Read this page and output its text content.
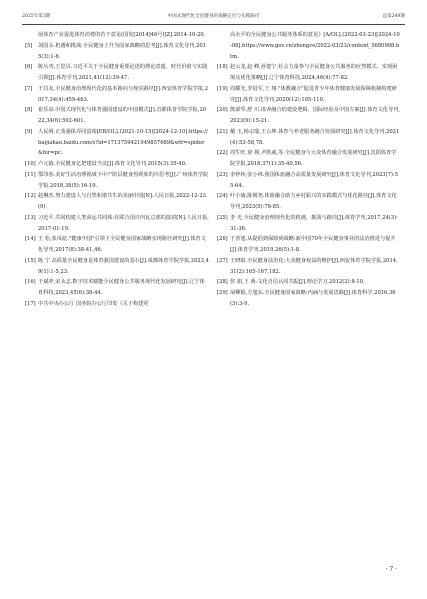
2025年第3期	中国式现代化全民健身的战略定位与实践路径	总第249期
展体育产业促进体育消费的若干意见(国发[2014]46号)[Z].2014-10-20.
[5]	刘国永.机遇和挑战:全民健身上升为国家战略的思考[J].体育文化导刊,2015(3):1-6.
[6]	陈丛刊,王思贝.习近平关于全民健身重要论述的理论意蕴、时代价值与实践引领[J].体育学刊,2021,41(12):39-47.
[7]	王昌友.全民健身治理现代化的基本路向与现实路径[J].西安体育学院学报,2017,34(4):459-463.
[8]	崔乐泉.中国式现代化与体育强国建设的中国模式[J].首都体育学院学报,2022,34(6):592-601.
[9]	人民网.正茂强体弄同富裕[EB/OL].(2021-10-15)[2024-12-10].https://baijiahao.baidu.com/s?id=1713759421949857689&wfr=spider&for=pc.
[10] 卢元镇.全民健身亿把建设当议[J].体育文化导刊,2015(3):35-40.
[11] 鄂印春.美好生活治理视域下中产阶层健身热现象的冷思考[J].广州体育学院学报,2018,38(5):16-19.
[12] 赵琳杰.努力建设人与自然和谐共生的美丽中国[N].人民日报,2022-12-23(9).
[13] 习近平.共同构建人类命运共同体:在联合国日内瓦总部的演讲[N].人民日报,2017-01-19.
[14] 王 松,张凤彪."健康中国"引领下全民健身国家战略实现路径研究[J].体育文化导刊,2017(8):38-41,46.
[15] 陈 宁.高质量全民健身是体育强国建设的基石[J].成都体育学院学报,2023,49(1):1-5,23.
[16] 于斌冲,宋永志.数字技术赋能全民健身公共服务现代化发展研究[J].辽宁体育科技,2023,45(6):38-44.
[17] 中共中央办公厅 国务院办公厅印发《关于构建更
高水平的全民健身公共服务体系的意见》[A/OL].(2022-03-23)[2024-10-08].https://www.gov.cn/zhengce/2022-03/23/content_5680908.htm.
[18] 赵云龙,赵 峰,孙楚宁.社会力量参与全民健身公共服务的应然模式、实现困境及优化策略[J].辽宁体育科技,2024,46(4):77-82.
[19] 周耀光,李进军,王 翔."体教融合"促进青少年体育健康发展保障机制构建研究[J].体育文化导刊,2020(12):105-110.
[20] 熊梁琴,舒 川.体养融合的建设逻辑、国际经验及中国方案[J].体育文化导刊,2023(9):15-21.
[21] 戴 玉,杨宗瑞,王占坤.体育与养老服务融合发展研究[J].体育文化导刊,2021(4):53-58,78.
[22] 周生旺,徐 撑,尹胜威,等.全民健身与大众体育融合发展研究[J].沈阳体育学院学报,2018,37(1):35-40,56.
[23] 李梓林,张小林.我国体旅融合高质量发展研究[J].体育文化导刊,2023(7):55-64.
[24] 叶小瑜,陈锡尧.体旅融合助力乡村振兴的实践模式与优化路径[J].体育文化导刊,2023(5):78-85.
[25] 李 光.全民健身治理现代化的机遇、挑战与路径[J].体育学刊,2017,24(3):31-36.
[26] 于善旭.从提倡到保障到战略:新中国70年全民健身事业的法治推进与提升[J].体育学刊,2019,26(5):1-8.
[27] 王晓琨.全民健身法治化:大众健身权益的维护[J].西安体育学院学报,2014,31(2):165-167,182.
[28] 侯 娟,王 萌.文化自信认同共振[J].理论学习,2012(2):8-10.
[29] 胡柳娟,方旭东.全民健身国家战略:内涵与发展思路[J].体育科学,2016,36(3):3-9.
· 7 ·
